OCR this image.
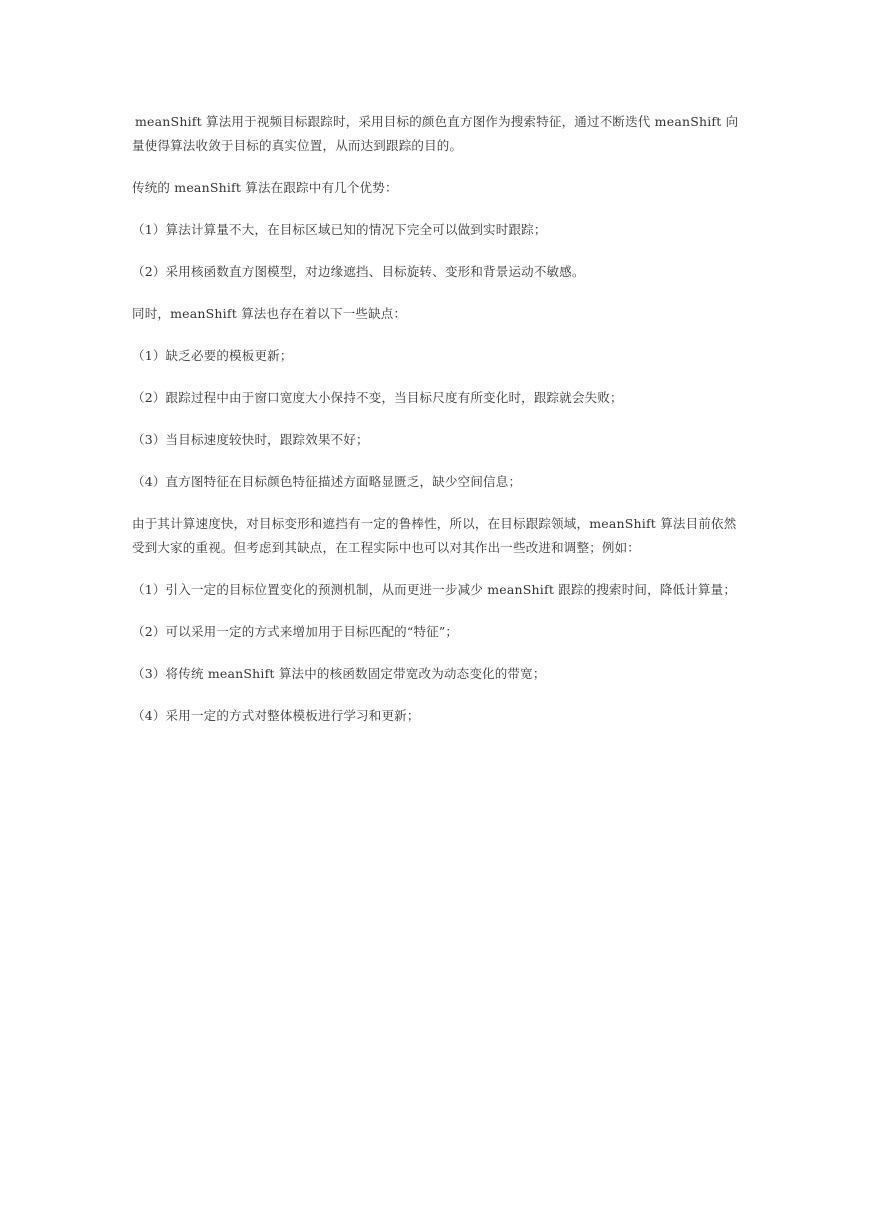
meanShift 算法用于视频目标跟踪时，采用目标的颜色直方图作为搜索特征，通过不断迭代 meanShift 向量使得算法收敛于目标的真实位置，从而达到跟踪的目的。

传统的 meanShift 算法在跟踪中有几个优势：

（1）算法计算量不大，在目标区域已知的情况下完全可以做到实时跟踪；

（2）采用核函数直方图模型，对边缘遮挡、目标旋转、变形和背景运动不敏感。

同时，meanShift 算法也存在着以下一些缺点：

（1）缺乏必要的模板更新；

（2）跟踪过程中由于窗口宽度大小保持不变，当目标尺度有所变化时，跟踪就会失败；

（3）当目标速度较快时，跟踪效果不好；

（4）直方图特征在目标颜色特征描述方面略显匮乏，缺少空间信息；

由于其计算速度快，对目标变形和遮挡有一定的鲁棒性，所以，在目标跟踪领域，meanShift 算法目前依然受到大家的重视。但考虑到其缺点，在工程实际中也可以对其作出一些改进和调整；例如：

（1）引入一定的目标位置变化的预测机制，从而更进一步减少 meanShift 跟踪的搜索时间，降低计算量；

（2）可以采用一定的方式来增加用于目标匹配的“特征”；

（3）将传统 meanShift 算法中的核函数固定带宽改为动态变化的带宽；

（4）采用一定的方式对整体模板进行学习和更新；
